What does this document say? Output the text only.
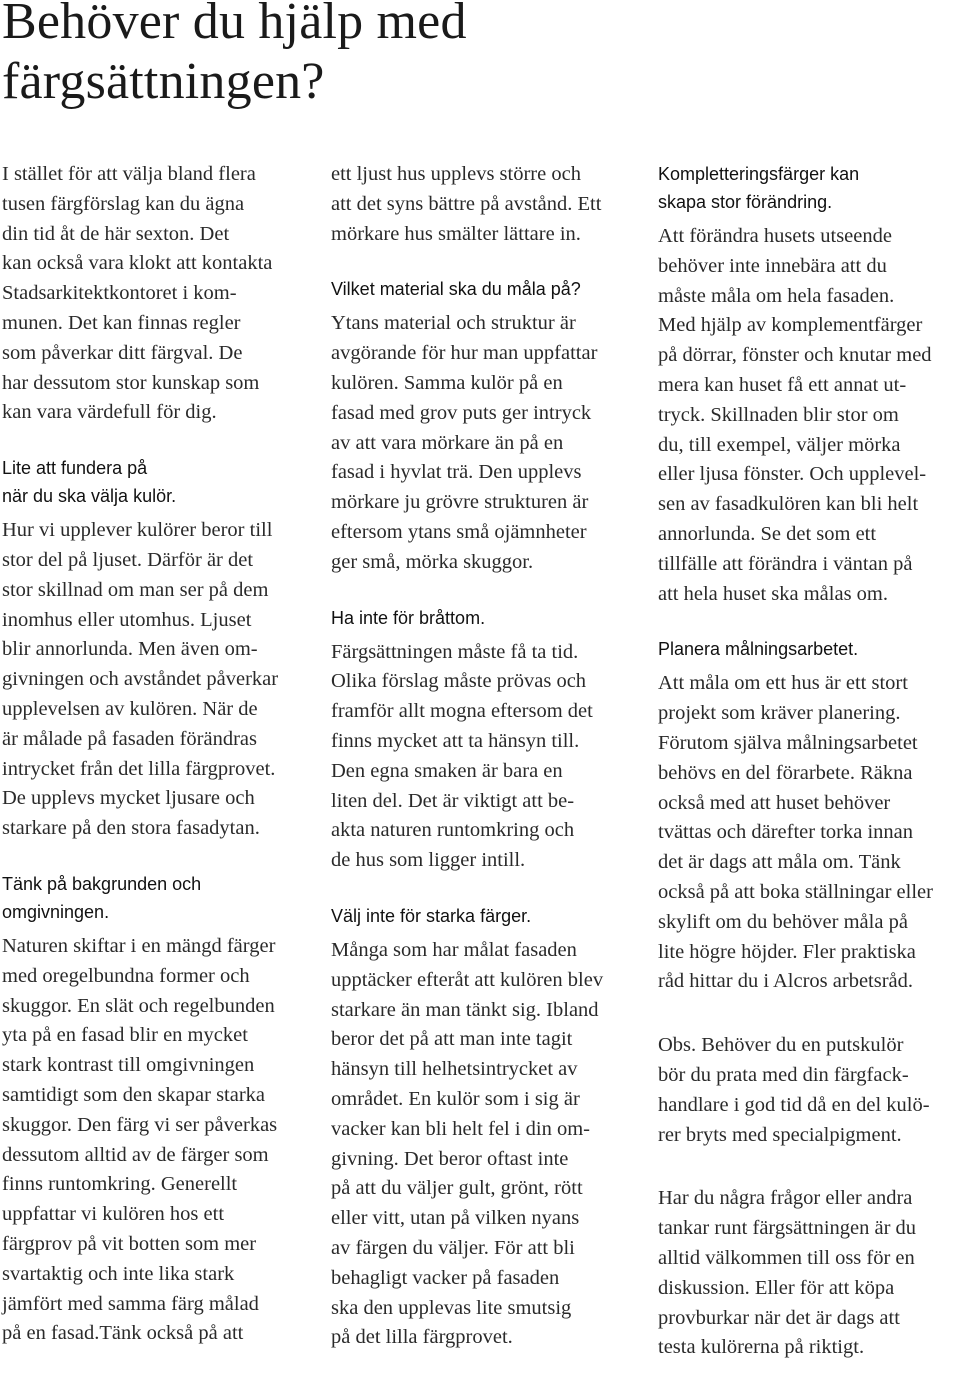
Behöver du hjälp med
färgsättningen?

I stället för att välja bland flera
tusen färgförslag kan du ägna
din tid åt de här sexton. Det
kan också vara klokt att kontakta
Stadsarkitektkontoret i kom-
munen. Det kan finnas regler
som påverkar ditt färgval. De
har dessutom stor kunskap som
kan vara värdefull för dig.

Lite att fundera på
när du ska välja kulör.

Hur vi upplever kulörer beror till
stor del på ljuset. Därför är det
stor skillnad om man ser på dem
inomhus eller utomhus. Ljuset
blir annorlunda. Men även om-
givningen och avståndet påverkar
upplevelsen av kulören. När de
är målade på fasaden förändras
intrycket från det lilla färgprovet.
De upplevs mycket ljusare och
starkare på den stora fasadytan.

Tänk på bakgrunden och
omgivningen.

Naturen skiftar i en mängd färger
med oregelbundna former och
skuggor. En slät och regelbunden
yta på en fasad blir en mycket
stark kontrast till omgivningen
samtidigt som den skapar starka
skuggor. Den färg vi ser påverkas
dessutom alltid av de färger som
finns runtomkring. Generellt
uppfattar vi kulören hos ett
färgprov på vit botten som mer
svartaktig och inte lika stark
jämfört med samma färg målad
på en fasad.Tänk också på att

ett ljust hus upplevs större och
att det syns bättre på avstånd. Ett
mörkare hus smälter lättare in.

Vilket material ska du måla på?

Ytans material och struktur är
avgörande för hur man uppfattar
kulören. Samma kulör på en
fasad med grov puts ger intryck
av att vara mörkare än på en
fasad i hyvlat trä. Den upplevs
mörkare ju grövre strukturen är
eftersom ytans små ojämnheter
ger små, mörka skuggor.

Ha inte för bråttom.

Färgsättningen måste få ta tid.
Olika förslag måste prövas och
framför allt mogna eftersom det
finns mycket att ta hänsyn till.
Den egna smaken är bara en
liten del. Det är viktigt att be-
akta naturen runtomkring och
de hus som ligger intill.

Välj inte för starka färger.

Många som har målat fasaden
upptäcker efteråt att kulören blev
starkare än man tänkt sig. Ibland
beror det på att man inte tagit
hänsyn till helhetsintrycket av
området. En kulör som i sig är
vacker kan bli helt fel i din om-
givning. Det beror oftast inte
på att du väljer gult, grönt, rött
eller vitt, utan på vilken nyans
av färgen du väljer. För att bli
behagligt vacker på fasaden
ska den upplevas lite smutsig
på det lilla färgprovet.

Kompletteringsfärger kan
skapa stor förändring.

Att förändra husets utseende
behöver inte innebära att du
måste måla om hela fasaden.
Med hjälp av komplementfärger
på dörrar, fönster och knutar med
mera kan huset få ett annat ut-
tryck. Skillnaden blir stor om
du, till exempel, väljer mörka
eller ljusa fönster. Och upplevel-
sen av fasadkulören kan bli helt
annorlunda. Se det som ett
tillfälle att förändra i väntan på
att hela huset ska målas om.

Planera målningsarbetet.

Att måla om ett hus är ett stort
projekt som kräver planering.
Förutom själva målningsarbetet
behövs en del förarbete. Räkna
också med att huset behöver
tvättas och därefter torka innan
det är dags att måla om. Tänk
också på att boka ställningar eller
skylift om du behöver måla på
lite högre höjder. Fler praktiska
råd hittar du i Alcros arbetsråd.

Obs. Behöver du en putskulör
bör du prata med din färgfack-
handlare i god tid då en del kulö-
rer bryts med specialpigment.

Har du några frågor eller andra
tankar runt färgsättningen är du
alltid välkommen till oss för en
diskussion. Eller för att köpa
provburkar när det är dags att
testa kulörerna på riktigt.
